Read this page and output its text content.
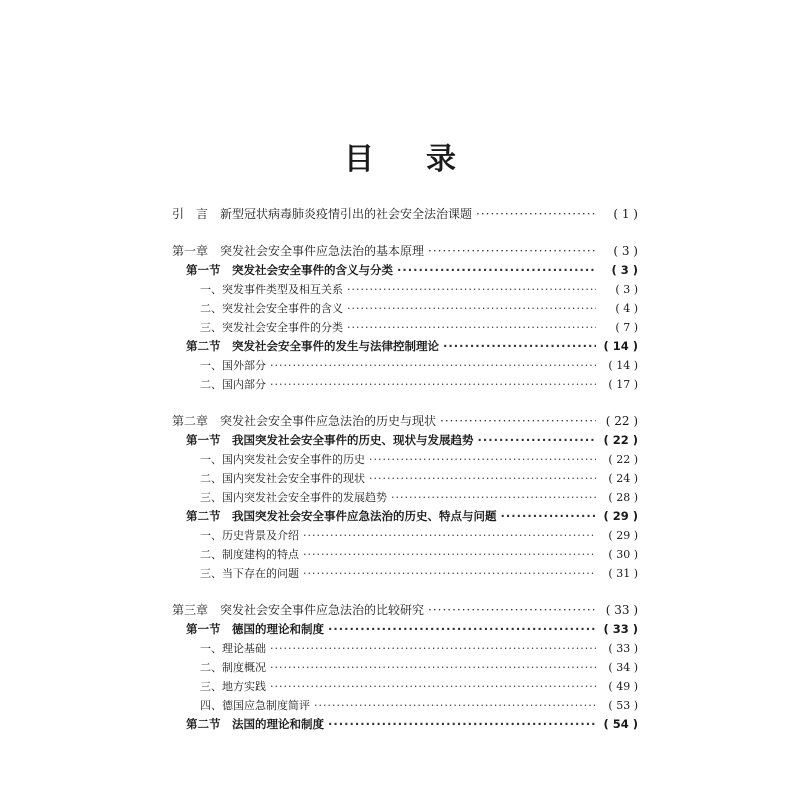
目 录
引　言　新型冠状病毒肺炎疫情引出的社会安全法治课题 ·····	( 1 )
第一章　突发社会安全事件应急法治的基本原理 ·····	( 3 )
第一节　突发社会安全事件的含义与分类 ·····	( 3 )
一、突发事件类型及相互关系 ·····	( 3 )
二、突发社会安全事件的含义 ·····	( 4 )
三、突发社会安全事件的分类 ·····	( 7 )
第二节　突发社会安全事件的发生与法律控制理论 ·····	( 14 )
一、国外部分 ·····	( 14 )
二、国内部分 ·····	( 17 )
第二章　突发社会安全事件应急法治的历史与现状 ·····	( 22 )
第一节　我国突发社会安全事件的历史、现状与发展趋势 ·····	( 22 )
一、国内突发社会安全事件的历史 ·····	( 22 )
二、国内突发社会安全事件的现状 ·····	( 24 )
三、国内突发社会安全事件的发展趋势 ·····	( 28 )
第二节　我国突发社会安全事件应急法治的历史、特点与问题 ·····	( 29 )
一、历史背景及介绍 ·····	( 29 )
二、制度建构的特点 ·····	( 30 )
三、当下存在的问题 ·····	( 31 )
第三章　突发社会安全事件应急法治的比较研究 ·····	( 33 )
第一节　德国的理论和制度 ·····	( 33 )
一、理论基础 ·····	( 33 )
二、制度概况 ·····	( 34 )
三、地方实践 ·····	( 49 )
四、德国应急制度简评 ·····	( 53 )
第二节　法国的理论和制度 ·····	( 54 )
